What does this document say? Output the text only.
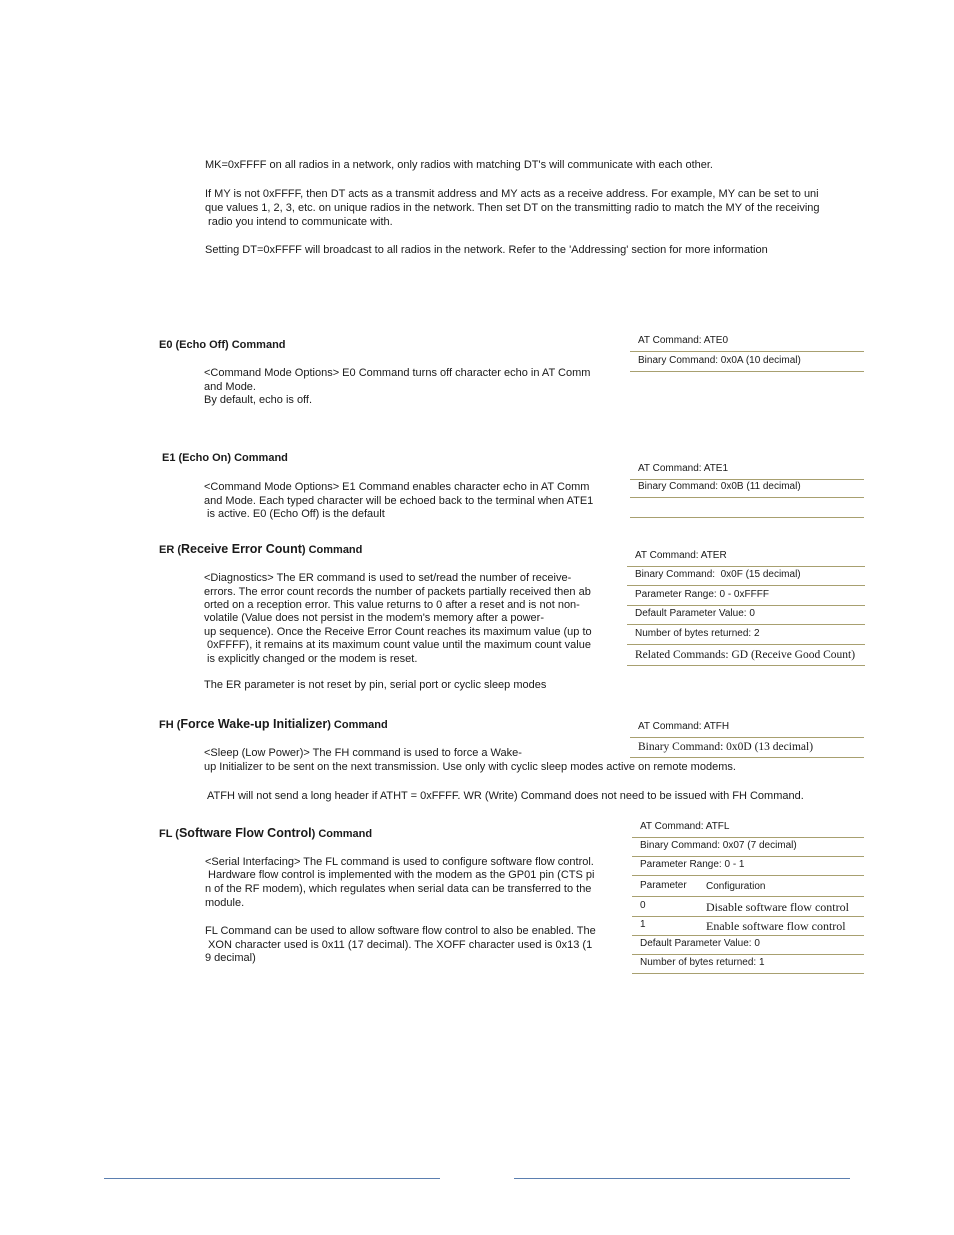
MK=0xFFFF on all radios in a network, only radios with matching DT's will communicate with each other.
If MY is not 0xFFFF, then DT acts as a transmit address and MY acts as a receive address. For example, MY can be set to uni
que values 1, 2, 3, etc. on unique radios in the network. Then set DT on the transmitting radio to match the MY of the receiving
radio you intend to communicate with.
Setting DT=0xFFFF will broadcast to all radios in the network. Refer to the 'Addressing' section for more information
E0 (Echo Off) Command
<Command Mode Options> E0 Command turns off character echo in AT Comm
and Mode.
By default, echo is off.
AT Command: ATE0
Binary Command: 0x0A (10 decimal)
E1 (Echo On) Command
<Command Mode Options> E1 Command enables character echo in AT Comm
and Mode. Each typed character will be echoed back to the terminal when ATE1
is active. E0 (Echo Off) is the default
AT Command: ATE1
Binary Command: 0x0B (11 decimal)
ER (Receive Error Count) Command
<Diagnostics> The ER command is used to set/read the number of receive-
errors. The error count records the number of packets partially received then ab
orted on a reception error. This value returns to 0 after a reset and is not non-
volatile (Value does not persist in the modem's memory after a power-
up sequence). Once the Receive Error Count reaches its maximum value (up to
0xFFFF), it remains at its maximum count value until the maximum count value
is explicitly changed or the modem is reset.
The ER parameter is not reset by pin, serial port or cyclic sleep modes
AT Command: ATER
Binary Command:  0x0F (15 decimal)
Parameter Range: 0 - 0xFFFF
Default Parameter Value: 0
Number of bytes returned: 2
Related Commands: GD (Receive Good Count)
FH (Force Wake-up Initializer) Command
<Sleep (Low Power)> The FH command is used to force a Wake-
up Initializer to be sent on the next transmission. Use only with cyclic sleep modes active on remote modems.
ATFH will not send a long header if ATHT = 0xFFFF. WR (Write) Command does not need to be issued with FH Command.
AT Command: ATFH
Binary Command: 0x0D (13 decimal)
FL (Software Flow Control) Command
<Serial Interfacing> The FL command is used to configure software flow control.
Hardware flow control is implemented with the modem as the GP01 pin (CTS pi
n of the RF modem), which regulates when serial data can be transferred to the
module.
FL Command can be used to allow software flow control to also be enabled. The
XON character used is 0x11 (17 decimal). The XOFF character used is 0x13 (1
9 decimal)
AT Command: ATFL
Binary Command: 0x07 (7 decimal)
Parameter Range: 0 - 1
Parameter Configuration
0	Disable software flow control
1	Enable software flow control
Default Parameter Value: 0
Number of bytes returned: 1
